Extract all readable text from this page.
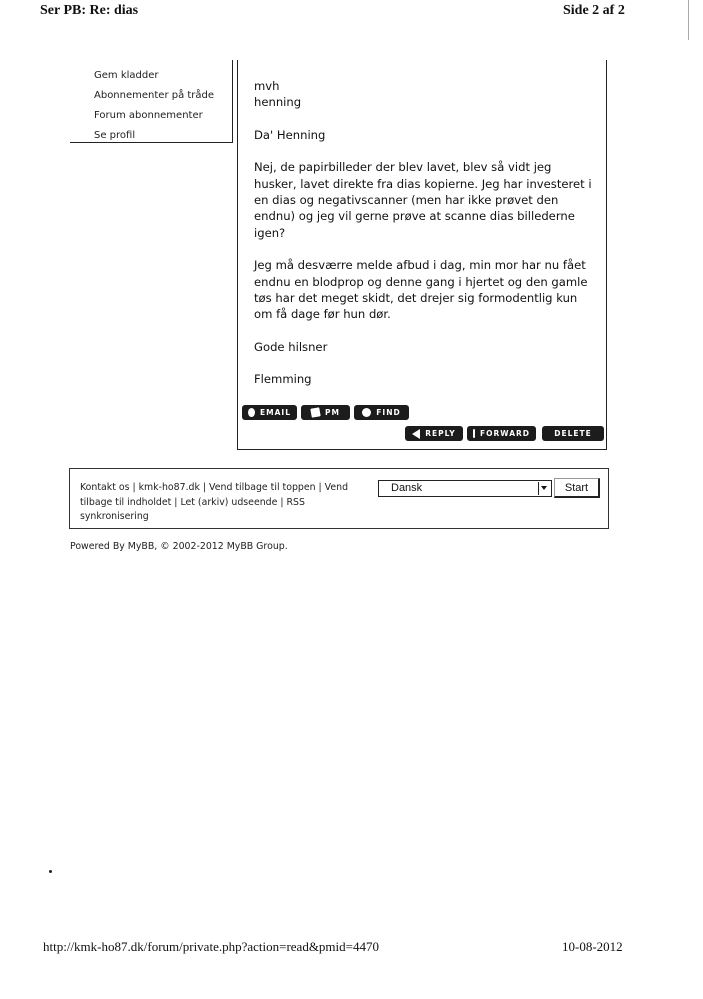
Ser PB: Re: dias	Side 2 af 2
Gem kladder
Abonnementer på tråde
Forum abonnementer
Se profil

mvh
henning

Da' Henning

Nej, de papirbilleder der blev lavet, blev så vidt jeg husker, lavet direkte fra dias kopierne. Jeg har investeret i en dias og negativscanner (men har ikke prøvet den endnu) og jeg vil gerne prøve at scanne dias billederne igen?

Jeg må desværre melde afbud i dag, min mor har nu fået endnu en blodprop og denne gang i hjertet og den gamle tøs har det meget skidt, det drejer sig formodentlig kun om få dage før hun dør.

Gode hilsner

Flemming

EMAIL	PM	FIND
REPLY	FORWARD	DELETE
Kontakt os | kmk-ho87.dk | Vend tilbage til toppen | Vend tilbage til indholdet | Let (arkiv) udseende | RSS synkronisering
Dansk	Start
Powered By MyBB, © 2002-2012 MyBB Group.
http://kmk-ho87.dk/forum/private.php?action=read&pmid=4470	10-08-2012
